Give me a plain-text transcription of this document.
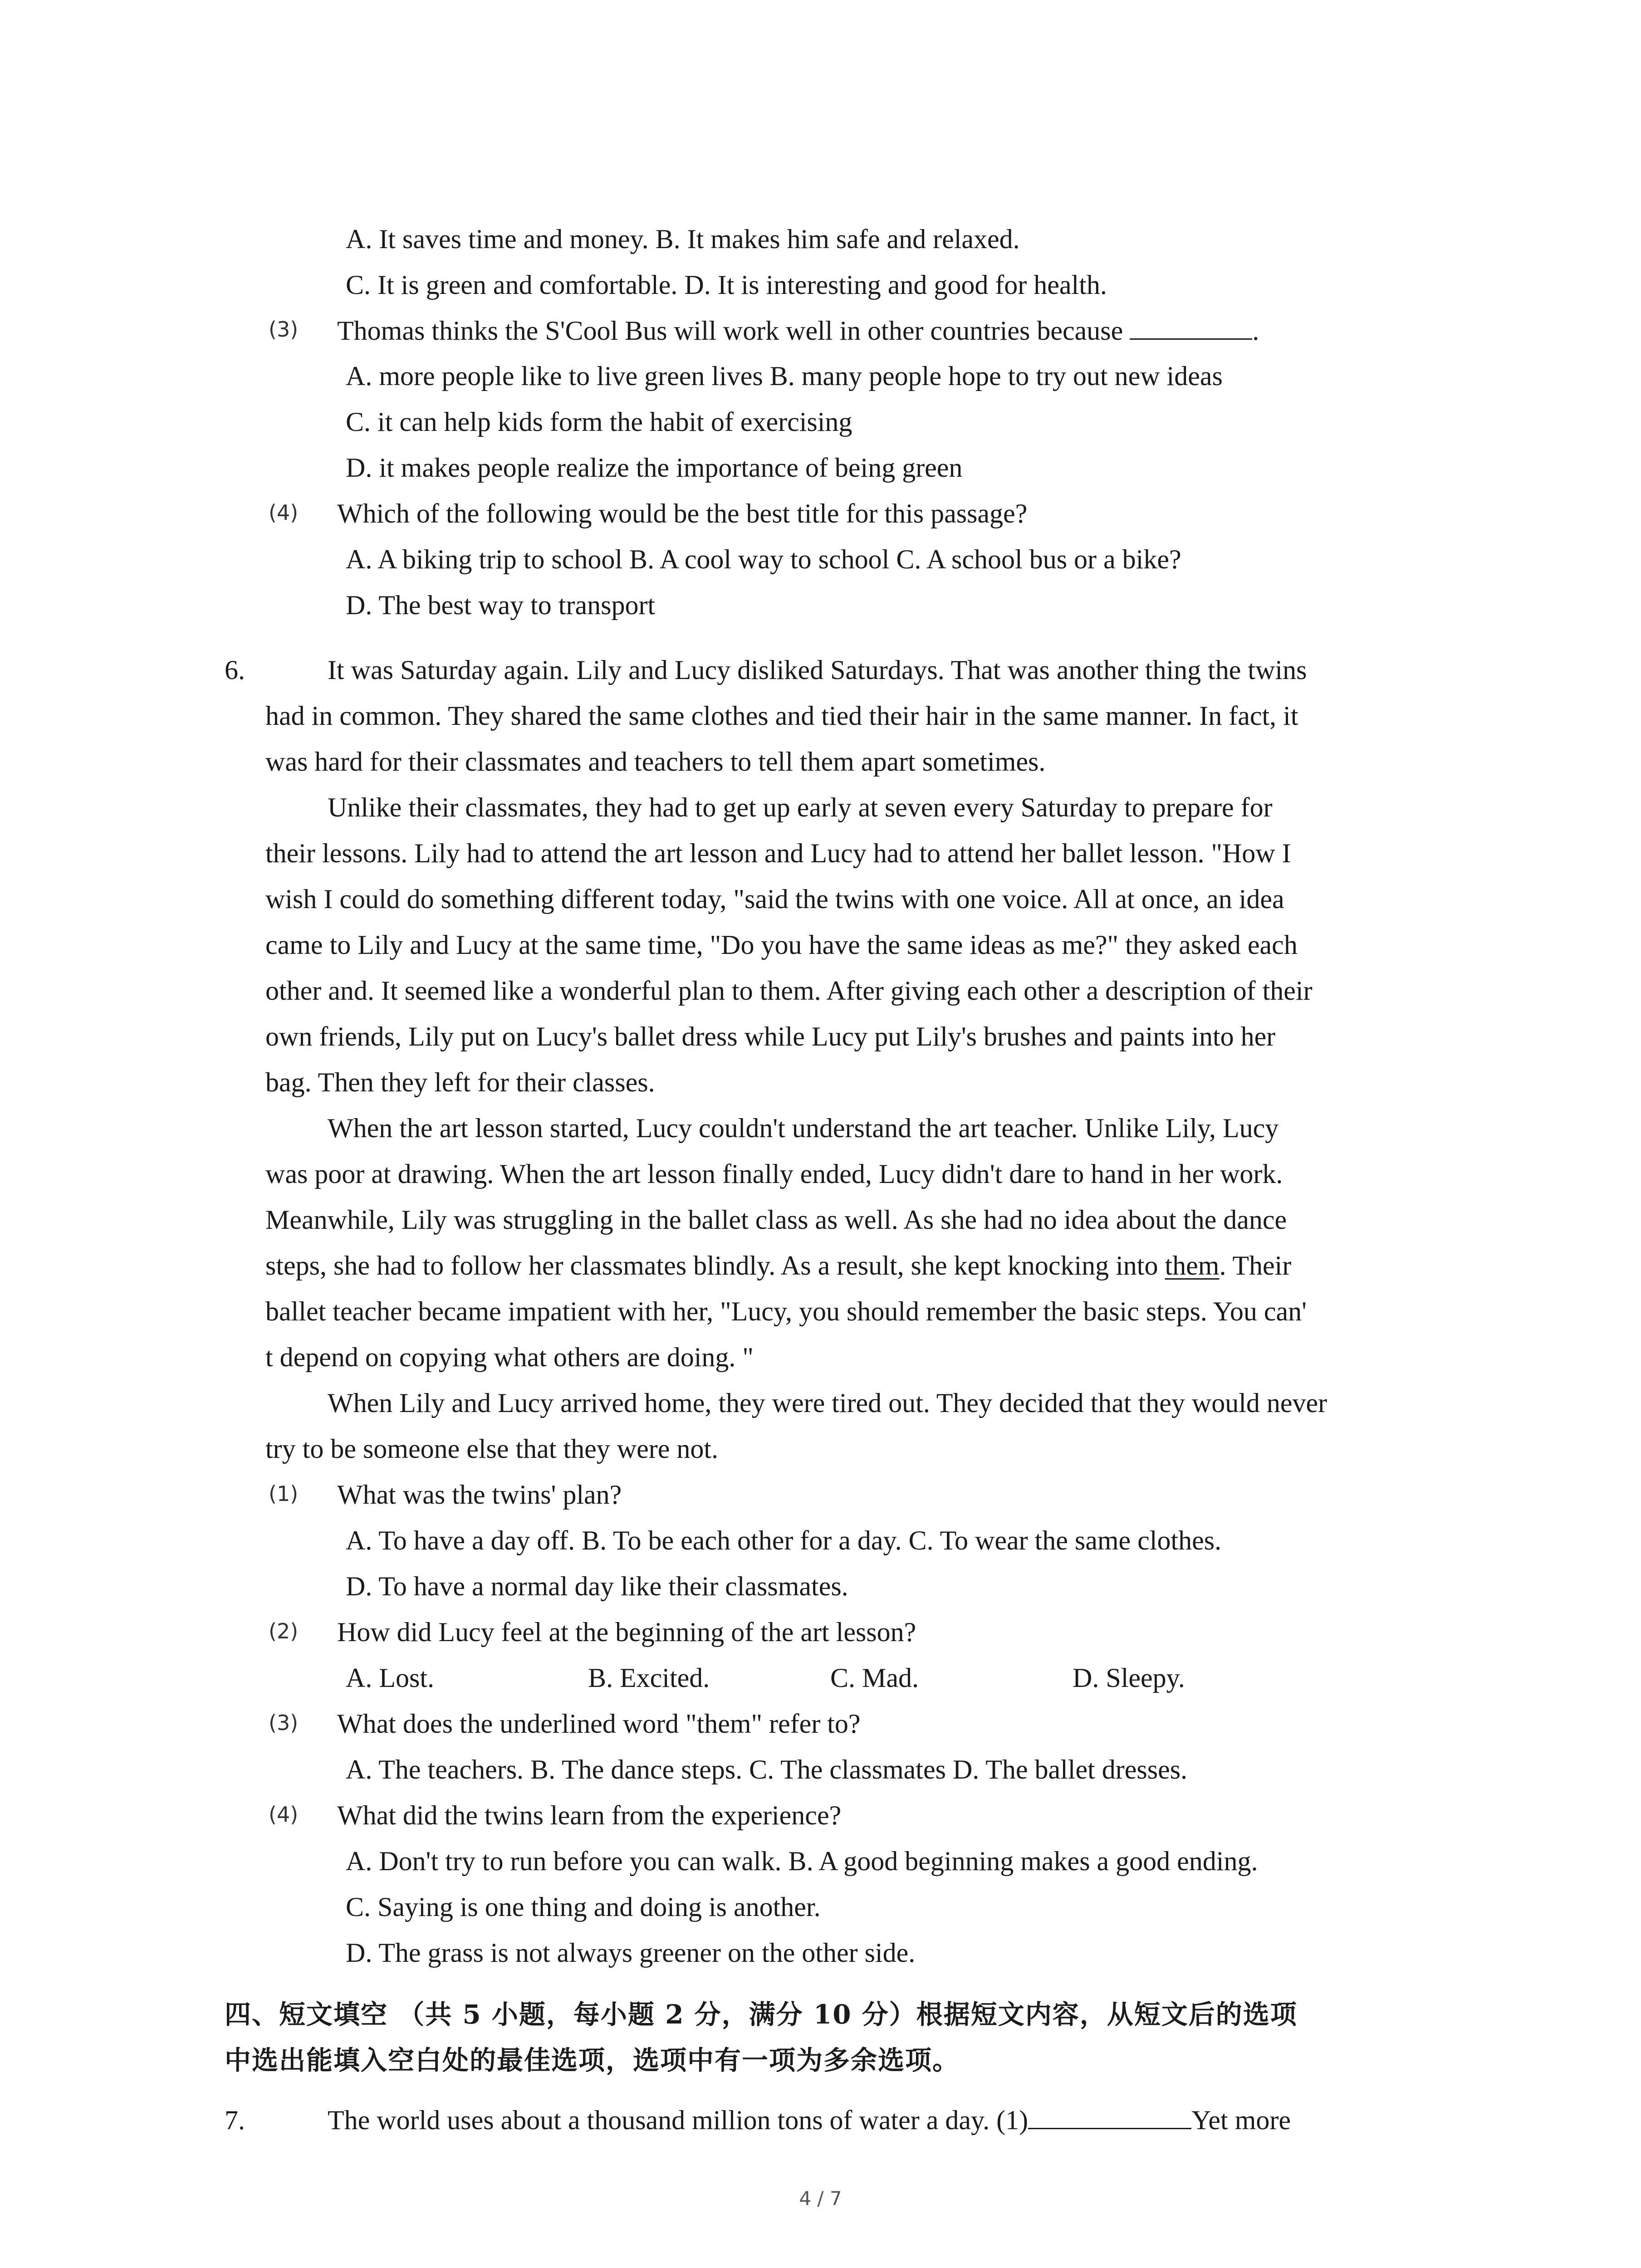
A. It saves time and money. B. It makes him safe and relaxed.
C. It is green and comfortable. D. It is interesting and good for health.
(3) Thomas thinks the S'Cool Bus will work well in other countries because	.
A. more people like to live green lives B. many people hope to try out new ideas
C. it can help kids form the habit of exercising
D. it makes people realize the importance of being green
(4) Which of the following would be the best title for this passage?
A. A biking trip to school B. A cool way to school C. A school bus or a bike?
D. The best way to transport
6.	It was Saturday again. Lily and Lucy disliked Saturdays. That was another thing the twins
had in common. They shared the same clothes and tied their hair in the same manner. In fact, it
was hard for their classmates and teachers to tell them apart sometimes.
Unlike their classmates, they had to get up early at seven every Saturday to prepare for
their lessons. Lily had to attend the art lesson and Lucy had to attend her ballet lesson. "How I
wish I could do something different today, "said the twins with one voice. All at once, an idea
came to Lily and Lucy at the same time, "Do you have the same ideas as me?" they asked each
other and. It seemed like a wonderful plan to them. After giving each other a description of their
own friends, Lily put on Lucy's ballet dress while Lucy put Lily's brushes and paints into her
bag. Then they left for their classes.
When the art lesson started, Lucy couldn't understand the art teacher. Unlike Lily, Lucy
was poor at drawing. When the art lesson finally ended, Lucy didn't dare to hand in her work.
Meanwhile, Lily was struggling in the ballet class as well. As she had no idea about the dance
steps, she had to follow her classmates blindly. As a result, she kept knocking into them. Their
ballet teacher became impatient with her, "Lucy, you should remember the basic steps. You can'
t depend on copying what others are doing. "
When Lily and Lucy arrived home, they were tired out. They decided that they would never
try to be someone else that they were not.
(1) What was the twins' plan?
A. To have a day off. B. To be each other for a day. C. To wear the same clothes.
D. To have a normal day like their classmates.
(2) How did Lucy feel at the beginning of the art lesson?
A. Lost.	B. Excited.	C. Mad.	D. Sleepy.
(3) What does the underlined word "them" refer to?
A. The teachers. B. The dance steps. C. The classmates D. The ballet dresses.
(4) What did the twins learn from the experience?
A. Don't try to run before you can walk. B. A good beginning makes a good ending.
C. Saying is one thing and doing is another.
D. The grass is not always greener on the other side.
四、短文填空 （共 5 小题，每小题 2 分，满分 10 分）根据短文内容，从短文后的选项
中选出能填入空白处的最佳选项，选项中有一项为多余选项。
7.	The world uses about a thousand million tons of water a day. (1)	Yet more
4 / 7
